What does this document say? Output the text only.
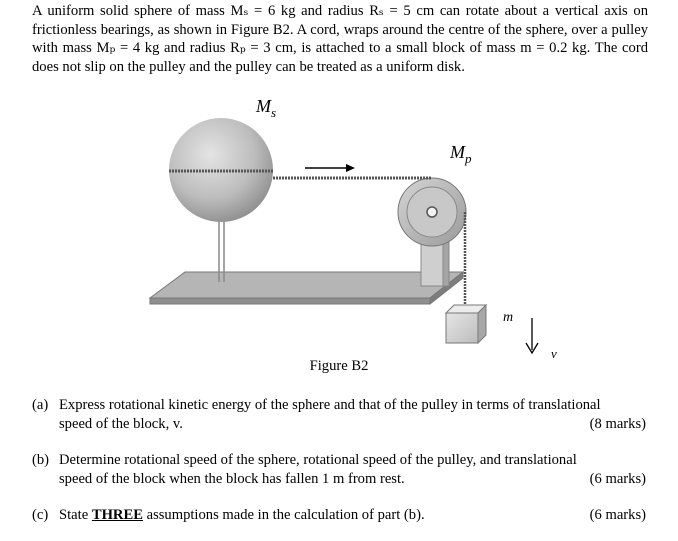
A uniform solid sphere of mass Mₛ = 6 kg and radius Rₛ = 5 cm can rotate about a vertical axis on frictionless bearings, as shown in Figure B2. A cord, wraps around the centre of the sphere, over a pulley with mass Mₚ = 4 kg and radius Rₚ = 3 cm, is attached to a small block of mass m = 0.2 kg. The cord does not slip on the pulley and the pulley can be treated as a uniform disk.
$M_s$
$M_p$
m
v
Figure B2
(a) Express rotational kinetic energy of the sphere and that of the pulley in terms of translational
(8 marks)
speed of the block, v.
(b) Determine rotational speed of the sphere, rotational speed of the pulley, and translational
(6 marks)
speed of the block when the block has fallen 1 m from rest.
(c)	(6 marks)
State THREE assumptions made in the calculation of part (b).
